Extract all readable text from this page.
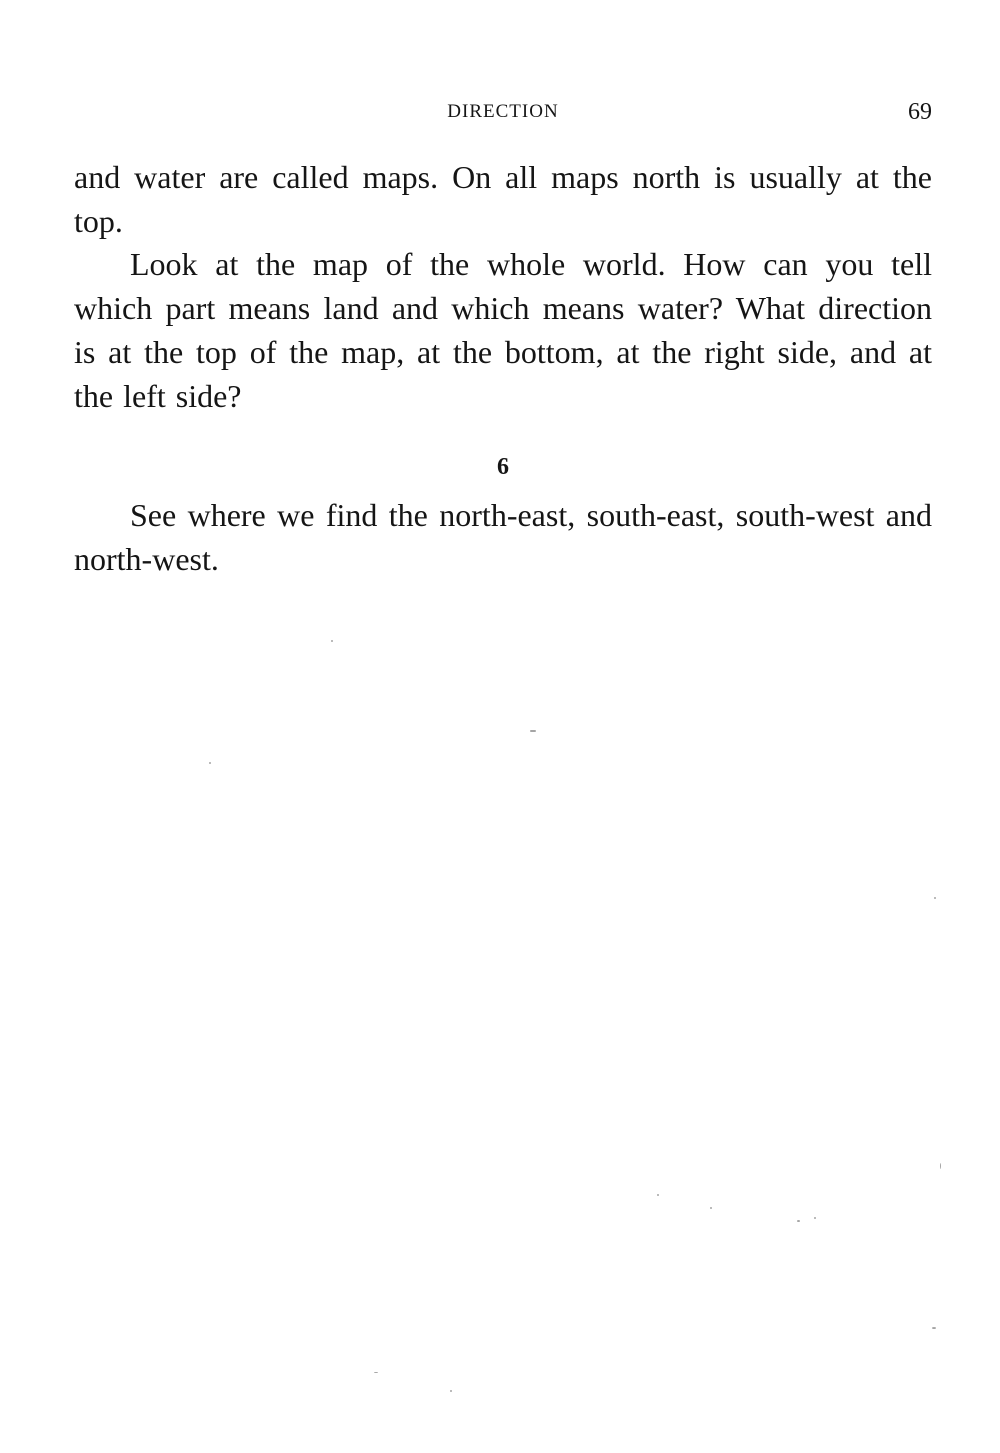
DIRECTION	69

and water are called maps. On all maps north is usually at the top.

Look at the map of the whole world. How can you tell which part means land and which means water? What direction is at the top of the map, at the bottom, at the right side, and at the left side?

6

See where we find the north-east, south-east, south-west and north-west.
